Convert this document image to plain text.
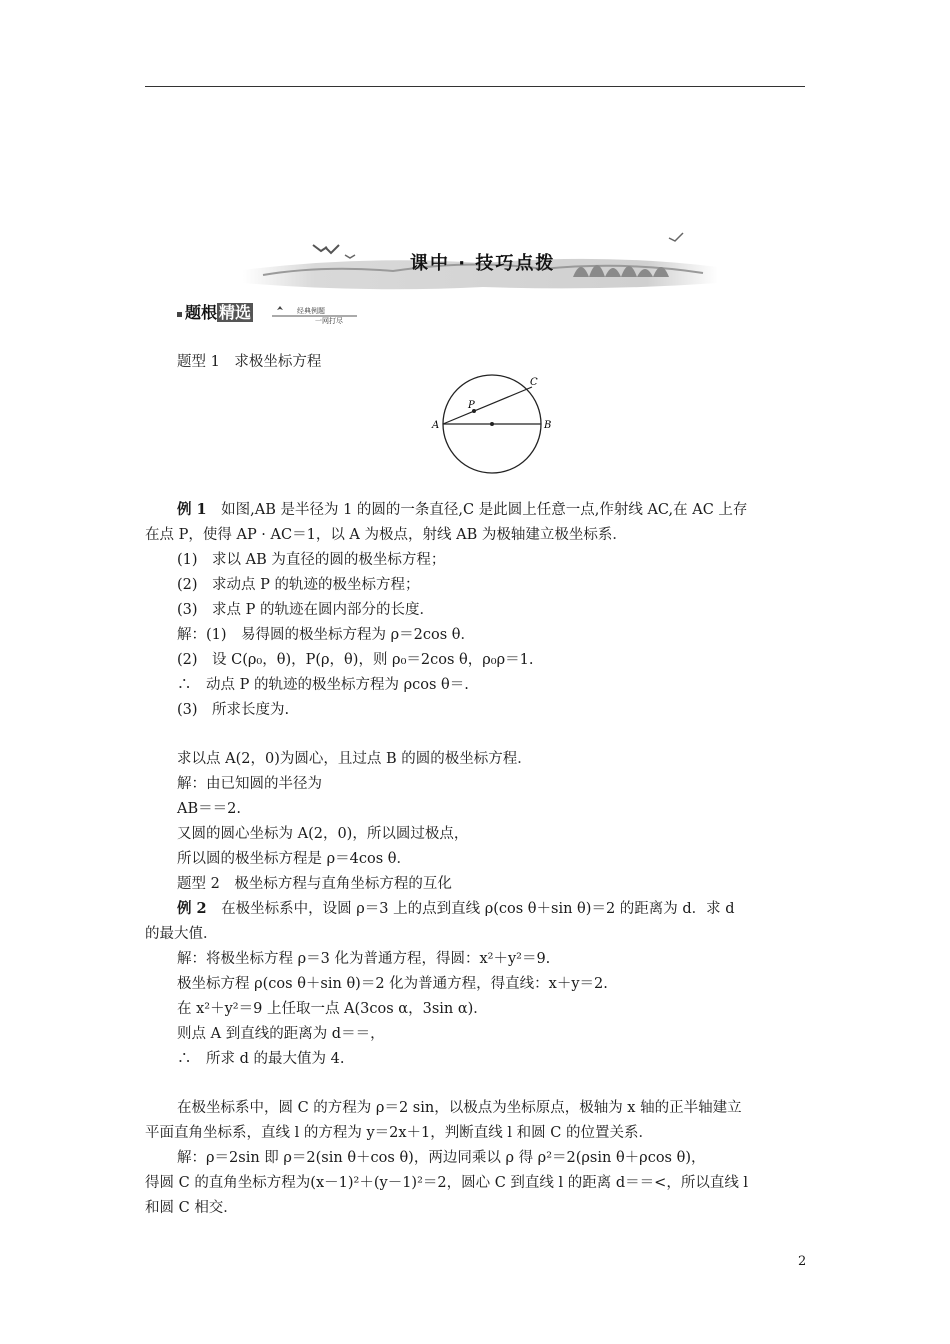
课中 · 技巧点拨
题根 精选	经典例题
一网打尽
题型 1　求极坐标方程
A	B
C
P
例 1　如图,AB 是半径为 1 的圆的一条直径,C 是此圆上任意一点,作射线 AC,在 AC 上存
在点 P，使得 AP · AC＝1，以 A 为极点，射线 AB 为极轴建立极坐标系．
(1)　求以 AB 为直径的圆的极坐标方程；
(2)　求动点 P 的轨迹的极坐标方程；
(3)　求点 P 的轨迹在圆内部分的长度．
解：(1)　易得圆的极坐标方程为 ρ＝2cos θ．
(2)　设 C(ρ₀，θ)，P(ρ，θ)，则 ρ₀＝2cos θ，ρ₀ρ＝1.
∴　动点 P 的轨迹的极坐标方程为 ρcos θ＝.
(3)　所求长度为.
求以点 A(2，0)为圆心，且过点 B 的圆的极坐标方程．
解：由已知圆的半径为
AB＝＝2.
又圆的圆心坐标为 A(2，0)，所以圆过极点，
所以圆的极坐标方程是 ρ＝4cos θ．
题型 2　极坐标方程与直角坐标方程的互化
例 2　在极坐标系中，设圆 ρ＝3 上的点到直线 ρ(cos θ＋sin θ)＝2 的距离为 d．求 d
的最大值．
解：将极坐标方程 ρ＝3 化为普通方程，得圆：x²＋y²＝9.
极坐标方程 ρ(cos θ＋sin θ)＝2 化为普通方程，得直线：x＋y＝2.
在 x²＋y²＝9 上任取一点 A(3cos α，3sin α)．
则点 A 到直线的距离为 d＝＝，
∴　所求 d 的最大值为 4.
在极坐标系中，圆 C 的方程为 ρ＝2 sin，以极点为坐标原点，极轴为 x 轴的正半轴建立
平面直角坐标系，直线 l 的方程为 y＝2x＋1，判断直线 l 和圆 C 的位置关系．
解：ρ＝2sin 即 ρ＝2(sin θ＋cos θ)，两边同乘以 ρ 得 ρ²＝2(ρsin θ＋ρcos θ)，
得圆 C 的直角坐标方程为(x－1)²＋(y－1)²＝2，圆心 C 到直线 l 的距离 d＝＝<，所以直线 l
和圆 C 相交．
2
